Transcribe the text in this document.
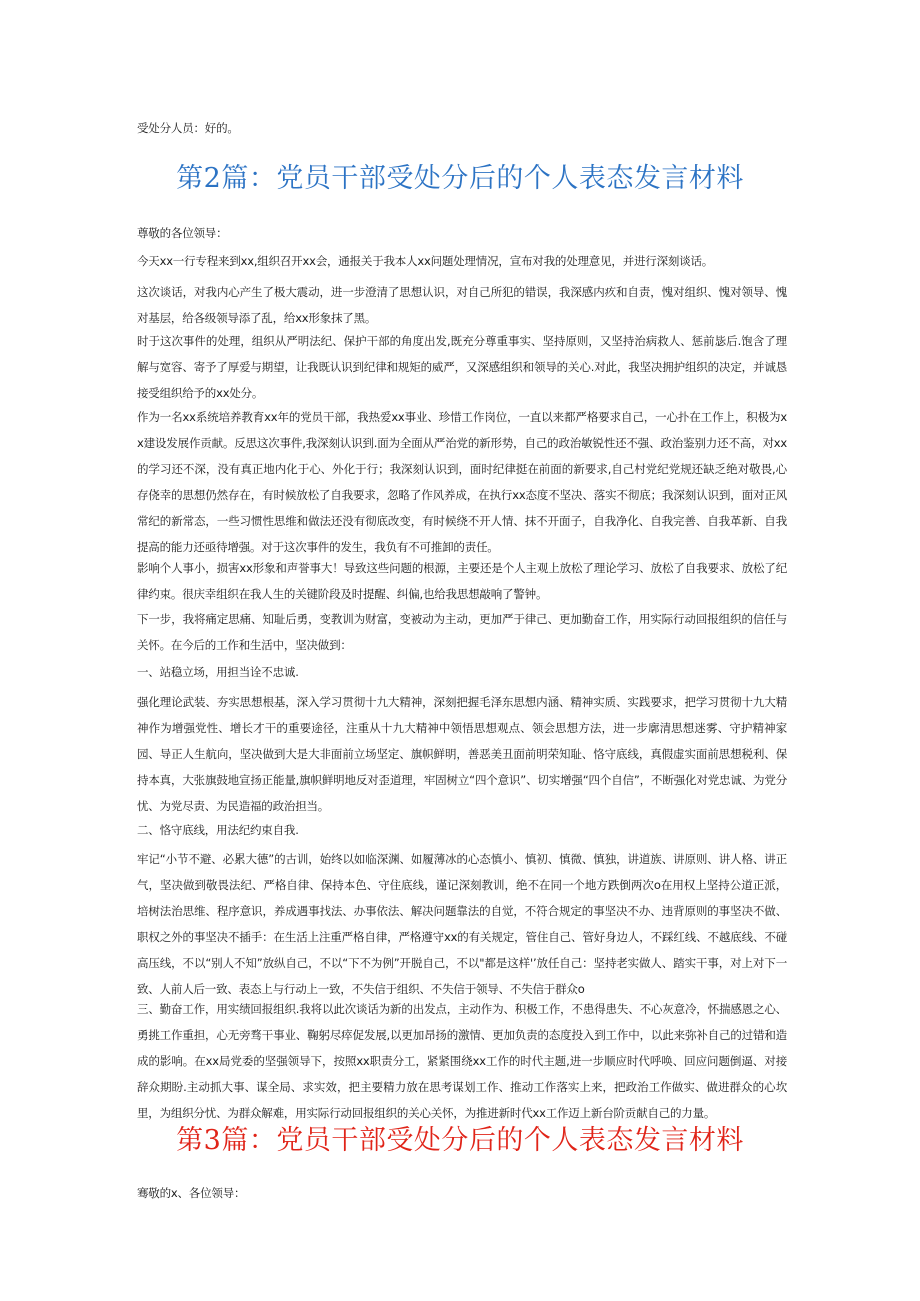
受处分人员：好的。

第2篇：党员干部受处分后的个人表态发言材料

尊敬的各位领导：

今天xx一行专程来到xx,组织召开xx会，通报关于我本人xx问题处理情况，宣布对我的处理意见，并进行深刻谈话。

这次谈话，对我内心产生了极大震动，进一步澄清了思想认识，对自己所犯的错误，我深感内疚和自责，愧对组织、愧对领导、愧对基层，给各级领导添了乱，给xx形象抹了黑。

时于这次事件的处理，组织从严明法纪、保护干部的角度出发,既充分尊重事实、坚持原则，又坚持治病救人、惩前毖后.饱含了理解与宽容、寄予了厚爱与期望，让我既认识到纪律和规矩的威严，又深感组织和领导的关心.对此，我坚决拥护组织的决定，并诚恳接受组织给予的xx处分。

作为一名xx系统培养教育xx年的党员干部，我热爱xx事业、珍惜工作岗位，一直以来都严格要求自己，一心扑在工作上，积极为xx建设发展作贡献。反思这次事件,我深刻认识到.面为全面从严治党的新形势，自己的政治敏锐性还不强、政治鉴别力还不高，对xx的学习还不深，没有真正地内化于心、外化于行；我深刻认识到，面时纪律挺在前面的新要求,自己村党纪党规还缺乏绝对敬畏,心存侥幸的思想仍然存在，有时候放松了自我要求，忽略了作风养成，在执行xx态度不坚决、落实不彻底；我深刻认识到，面对正风常纪的新常态，一些习惯性思维和做法还没有彻底改变，有时候绕不开人情、抹不开面子，自我净化、自我完善、自我革新、自我提高的能力还亟待增强。对于这次事件的发生，我负有不可推卸的责任。

影响个人事小，损害xx形象和声誉事大！导致这些问题的根源，主要还是个人主观上放松了理论学习、放松了自我要求、放松了纪律约束。很庆幸组织在我人生的关键阶段及时提醒、纠偏,也给我思想敲响了警钟。

下一步，我将痛定思痛、知耻后勇，变教训为财富，变被动为主动，更加严于律己、更加勤奋工作，用实际行动回报组织的信任与关怀。在今后的工作和生活中，坚决做到：

一、站稳立场，用担当诠不忠诚.

强化理论武装、夯实思想根基，深入学习贯彻十九大精神，深刻把握毛泽东思想内涵、精神实质、实践要求，把学习贯彻十九大精神作为增强党性、增长才干的重要途径，注重从十九大精神中领悟思想观点、领会思想方法，进一步廓清思想迷雾、守护精神家园、导正人生航向，坚决做到大是大非面前立场坚定、旗帜鲜明，善恶美丑面前明荣知耻、恪守底线，真假虚实面前思想税利、保持本真，大张旗鼓地宣扬正能量,旗帜鲜明地反对歪道理，牢固树立“四个意识”、切实增强“四个自信”，不断强化对党忠诚、为党分忧、为党尽责、为民造福的政治担当。

二、恪守底线，用法纪约束自我.

牢记“小节不避、必累大德”的古训，始终以如临深渊、如履薄冰的心态慎小、慎初、慎微、慎独，讲道族、讲原则、讲人格、讲正气，坚决做到敬畏法纪、严格自律、保持本色、守住底线，谨记深刻教训，绝不在同一个地方跌倒两次o在用权上坚持公道正派，培树法治思维、程序意识，养成遇事找法、办事依法、解决问题靠法的自觉，不符合规定的事坚决不办、违背原则的事坚决不做、职权之外的事坚决不插手：在生活上注重严格自律，严格遵守xx的有关规定，管住自己、管好身边人，不踩红线、不越底线、不碰高压线，不以“别人不知”放纵自己，不以“下不为例”开脱自己，不以"都是这样'’放任自己：坚持老实做人、踏实干事，对上对下一致、人前人后一致、表态上与行动上一致，不失信于组织、不失信于领导、不失信于群众o

三、勤奋工作，用实绩回报组织.我将以此次谈话为新的出发点，主动作为、积极工作，不患得患失、不心灰意冷，怀揣感恩之心、勇挑工作重担，心无旁骛干事业、鞠躬尽瘁促发展,以更加昂扬的激情、更加负责的态度投入到工作中，以此来弥补自己的过错和造成的影响。在xx局党委的坚强领导下，按照xx职责分工，紧紧围绕xx工作的时代主题,进一步顺应时代呼唤、回应问题倒逼、对接辞众期盼.主动抓大事、谋全局、求实效，把主要精力放在思考谋划工作、推动工作落实上来，把政治工作做实、做进群众的心坎里，为组织分忧、为群众解难，用实际行动回报组织的关心关怀，为推进新时代xx工作迈上新台阶贡献自己的力量。

第3篇：党员干部受处分后的个人表态发言材料

骞敬的x、各位领导：
